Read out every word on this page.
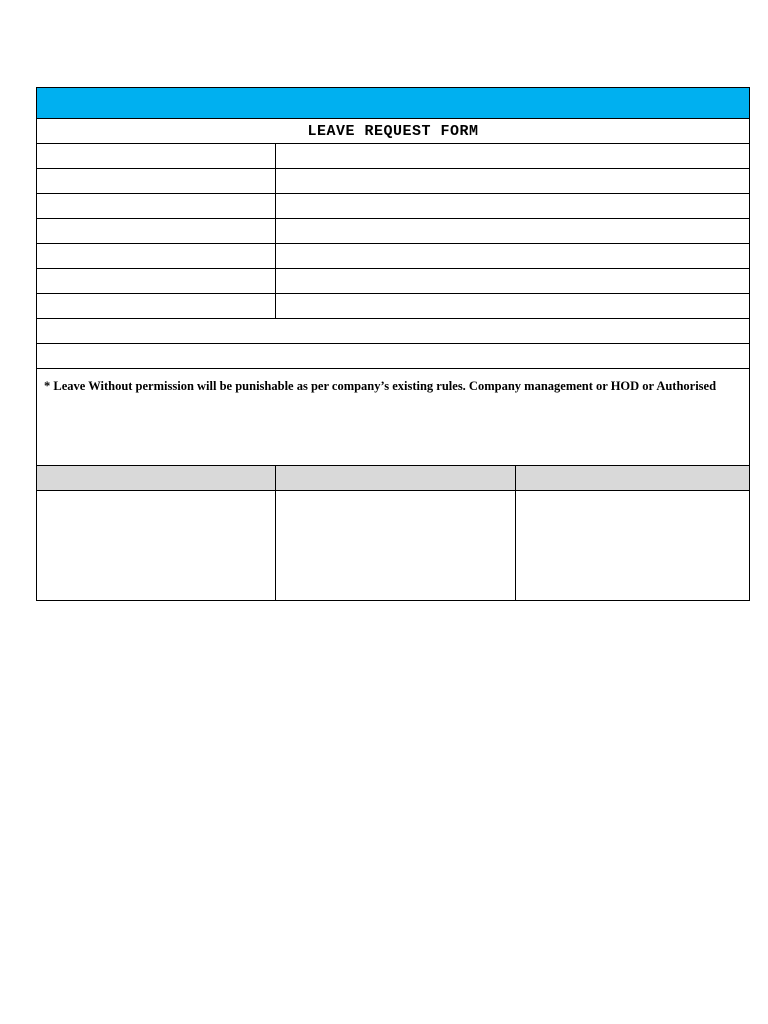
LEAVE REQUEST FORM		

* Leave Without permission will be punishable as per company’s existing rules. Company management or HOD or Authorised		
